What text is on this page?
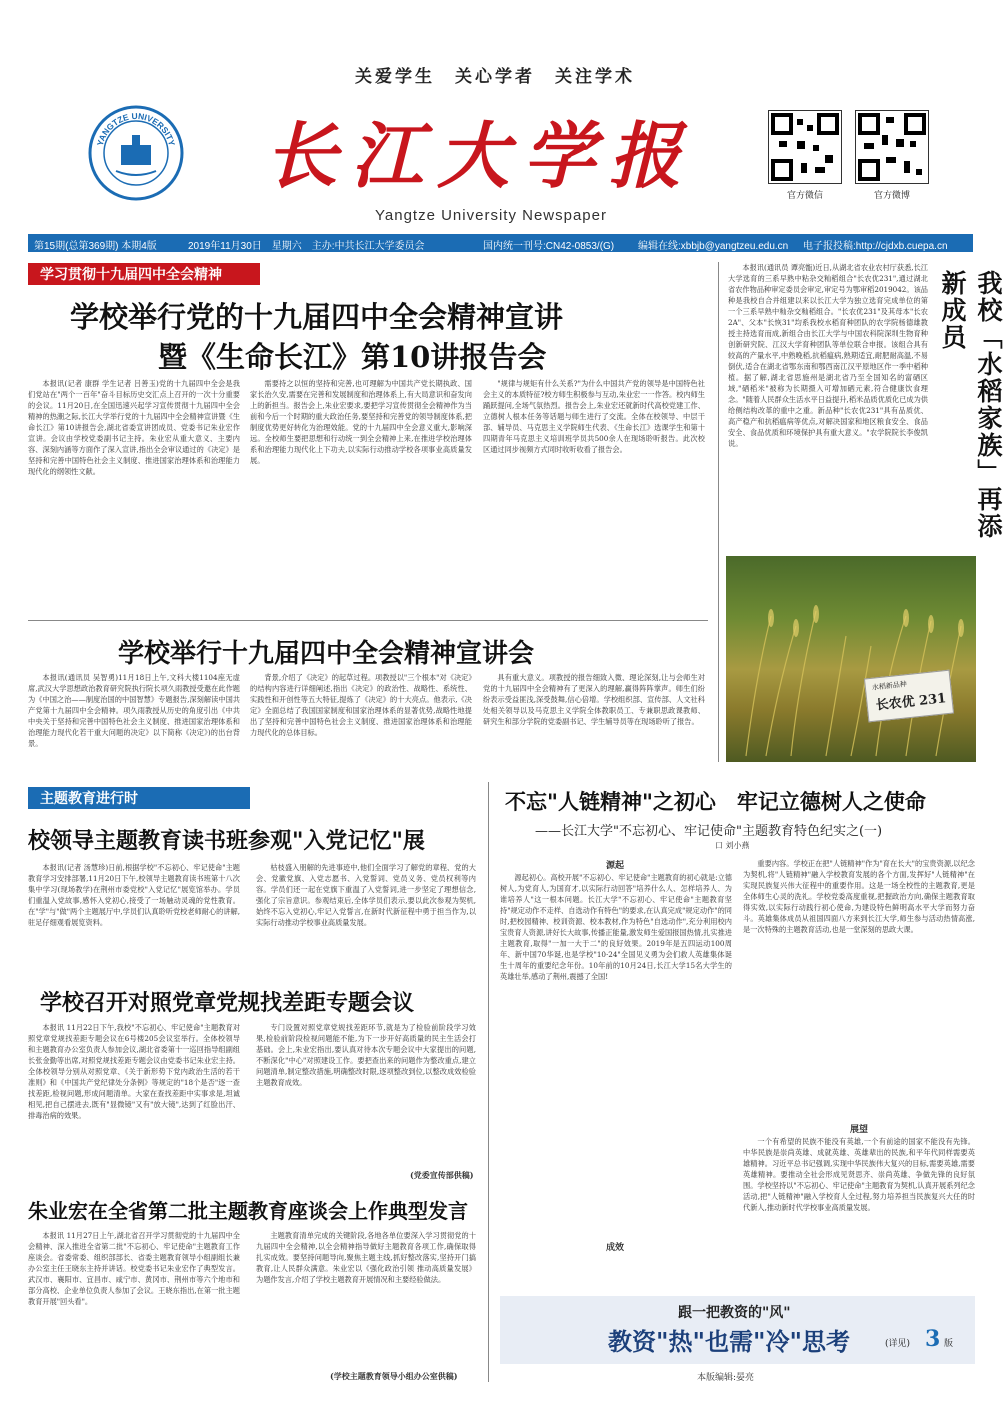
关爱学生　关心学者　关注学术
YANGTZE UNIVERSITY 长江大学报
Yangtze University Newspaper
官方微信	官方微博
第15期(总第369期) 本期4版	2019年11月30日　星期六　主办:中共长江大学委员会	国内统一刊号:CN42-0853/(G) 编辑在线:xbbjb@yangtzeu.edu.cn 电子报投稿:http://cjdxb.cuepa.cn
学习贯彻十九届四中全会精神
学校举行党的十九届四中全会精神宣讲
暨《生命长江》第10讲报告会

本报讯(记者 康群 学生记者 吕善玉)党的十九届四中全会是我们党站在"两个一百年"奋斗目标历史交汇点上召开的一次十分重要的会议。11月20日,在全国迅速兴起学习宣传贯彻十九届四中全会精神的热潮之际,长江大学举行党的十九届四中全会精神宣讲暨《生命长江》第10讲报告会,湖北省委宣讲团成员、党委书记朱业宏作宣讲。会议由学校党委副书记主持。朱业宏从重大意义、主要内容、深刻内涵等方面作了深入宣讲,指出全会审议通过的《决定》是坚持和完善中国特色社会主义制度、推进国家治理体系和治理能力现代化的纲领性文献。

需要持之以恒的坚持和完善,也可理解为中国共产党长期执政、国家长治久安,需要在完善和发展制度和治理体系上,有大局意识和奋发向上的新担当。报告会上,朱业宏要求,要把学习宣传贯彻全会精神作为当前和今后一个时期的重大政治任务,要坚持和完善党的领导制度体系,把制度优势更好转化为治理效能。党的十九届四中全会意义重大,影响深远。全校师生要把思想和行动统一到全会精神上来,在推进学校治理体系和治理能力现代化上下功夫,以实际行动推动学校各项事业高质量发展。

"规律与规矩有什么关系?"为什么中国共产党的领导是中国特色社会主义的本质特征?校方师生积极参与互动,朱业宏一一作答。校内师生踊跃提问,全场气氛热烈。报告会上,朱业宏还就新时代高校党建工作、立德树人根本任务等话题与师生进行了交流。全体在校领导、中层干部、辅导员、马克思主义学院师生代表、《生命长江》选课学生和第十四期青年马克思主义培训班学员共500余人在现场聆听报告。此次校区通过同步视频方式同时收听收看了报告会。

学校举行十九届四中全会精神宣讲会

本报讯(通讯员 吴智勇)11月18日上午,文科大楼1104座无虚席,武汉大学思想政治教育研究院执行院长项久雨教授受邀在此作题为《中国之治——制度治国的中国智慧》专题报告,深刻解读中国共产党第十九届四中全会精神。项久雨教授从历史的角度引出《中共中央关于坚持和完善中国特色社会主义制度、推进国家治理体系和治理能力现代化若干重大问题的决定》以下简称《决定》)的出台背景。

背景,介绍了《决定》的起草过程。项教授以"三个根本"对《决定》的结构内容进行详细阐述,指出《决定》的政治性、战略性、系统性、实践性和开创性等五大特征,提炼了《决定》的十大亮点。他表示,《决定》全面总结了我国国家制度和国家治理体系的显著优势,战略性地提出了坚持和完善中国特色社会主义制度、推进国家治理体系和治理能力现代化的总体目标。

具有重大意义。项教授的报告细致入微、理论深刻,让与会师生对党的十九届四中全会精神有了更深入的理解,赢得阵阵掌声。师生们纷纷表示受益匪浅,深受鼓舞,信心倍增。学校组织部、宣传部、人文社科处相关领导以及马克思主义学院全体教职员工、专兼职思政课教师、研究生和部分学院的党委副书记、学生辅导员等在现场聆听了报告。

本报讯(通讯员 谭亮甑)近日,从湖北省农业农村厅获悉,长江大学选育的三系早熟中粘杂交籼稻组合"长农优231",通过湖北省农作物品种审定委员会审定,审定号为鄂审稻2019042。该品种是我校自合并组建以来以长江大学为独立选育完成单位的第一个三系早熟中籼杂交籼稻组合。"长农优231"及其母本"长农2A"、父本"长恢31"均系我校水稻育种团队的农学院杨德雄教授主持选育而成,新组合由长江大学与中国农科院深圳生物育种创新研究院、江汉大学育种团队等单位联合申报。该组合具有较高的产量水平,中熟晚稻,抗稻瘟病,熟期适宜,耐肥耐高温,不易倒伏,适合在湖北省鄂东南和鄂西南江汉平原地区作一季中稻种植。据了解,湖北省思施州是湖北省乃至全国知名的富硒区域,"硒稻米"被称为长期摄入可增加硒元素,符合健康饮食理念。"随着人民群众生活水平日益提升,稻米品质优质化已成为供给侧结构改革的重中之重。新品种"长农优231"具有品质优、高产稳产和抗稻瘟病等优点,对解决国家和地区粮食安全、食品安全、食品优质和环境保护具有重大意义。"农学院院长李俊凯说。	我校「水稻家族」再添新成员
水稻新品种
长农优 231
主题教育进行时
校领导主题教育读书班参观"入党记忆"展

本报讯(记者 汤慧珍)日前,根据学校"不忘初心、牢记使命"主题教育学习安排部署,11月20日下午,校领导主题教育读书班第十八次集中学习(现场教学)在荆州市委党校"入党记忆"展览馆举办。学员们重温入党故事,感怀入党初心,接受了一场触动灵魂的党性教育。在"学"与"做"两个主题展厅中,学员们认真聆听党校老师耐心的讲解,驻足仔细观看展览资料。

枯枝盛入朋解的先进事迹中,他们全面学习了解党的章程、党的大会、党徽党旗、入党志愿书、入党誓词、党员义务、党员权利等内容。学员们还一起在党旗下重温了入党誓词,进一步坚定了理想信念,强化了宗旨意识。参观结束后,全体学员们表示,要以此次参观为契机,始终不忘入党初心,牢记入党誓言,在新时代新征程中勇于担当作为,以实际行动推动学校事业高质量发展。

学校召开对照党章党规找差距专题会议

本报讯 11月22日下午,我校"不忘初心、牢记使命"主题教育对照党章党规找差距专题会议在6号楼205会议室举行。全体校领导和主题教育办公室负责人参加会议,湖北省委第十一巡回指导组副组长张金勤等出席,对照党规找差距专题会议由党委书记朱业宏主持。全体校领导分别从对照党章、《关于新形势下党内政治生活的若干准则》和《中国共产党纪律处分条例》等规定的"18个是否"逐一查找差距,检视问题,形成问题清单。大家在查找差距中实事求是,坦诚相见,把自己摆进去,既有"显微镜"又有"放大镜",达到了红脸出汗、排毒治病的效果。

专门设置对照党章党规找差距环节,就是为了检验前阶段学习效果,检验前阶段检视问题能不能,为下一步开好高质量的民主生活会打基础。会上,朱业宏指出,要认真对待本次专题会议中大家提出的问题,不断深化"中心"对照建设工作。要把查出来的问题作为整改重点,建立问题清单,制定整改措施,明确整改时限,逐项整改到位,以整改成效检验主题教育成效。

(党委宣传部供稿)
朱业宏在全省第二批主题教育座谈会上作典型发言

本报讯 11月27日上午,湖北省召开学习贯彻党的十九届四中全会精神、深入推进全省第二批"不忘初心、牢记使命"主题教育工作座谈会。省委常委、组织部部长、省委主题教育领导小组副组长兼办公室主任王晓东主持并讲话。校党委书记朱业宏作了典型发言。武汉市、襄阳市、宜昌市、咸宁市、黄冈市、荆州市等六个地市和部分高校、企业单位负责人参加了会议。王晓东指出,在第一批主题教育开展"回头看"。

主题教育清单完成的关键阶段,各地各单位要深入学习贯彻党的十九届四中全会精神,以全会精神指导做好主题教育各项工作,确保取得扎实成效。要坚持问题导向,聚焦主题主线,抓好整改落实,坚持开门搞教育,让人民群众满意。朱业宏以《强化政治引领 推动高质量发展》为题作发言,介绍了学校主题教育开展情况和主要经验做法。

(学校主题教育领导小组办公室供稿)
不忘"人链精神"之初心　牢记立德树人之使命
——长江大学"不忘初心、牢记使命"主题教育特色纪实之(一)
口 刘小燕
源起

源起初心。高校开展"不忘初心、牢记使命"主题教育的初心就是:立德树人,为党育人,为国育才,以实际行动回答"培养什么人、怎样培养人、为谁培养人"这一根本问题。长江大学"不忘初心、牢记使命"主题教育坚持"规定动作不走样、自选动作有特色"的要求,在认真完成"规定动作"的同时,把校园精神、校训资源、校本教材,作为特色"自选动作",充分利用校内宝贵育人资源,讲好长大故事,传播正能量,激发师生爱国报国热情,扎实推进主题教育,取得"一加一大于二"的良好效果。2019年是五四运动100周年、新中国70华诞,也是学校"10·24"全国见义勇为会们救人英雄集体诞生十周年的重要纪念年份。10年前的10月24日,长江大学15名大学生的英雄壮举,感动了荆州,震撼了全国!

成效

重要内容。学校正在把"人链精神"作为"育在长大"的宝贵资源,以纪念为契机,将"人链精神"融入学校教育发展的各个方面,发挥好"人链精神"在实现民族复兴伟大征程中的重要作用。这是一场全校性的主题教育,更是全体师生心灵的洗礼。学校党委高度重视,把握政治方向,确保主题教育取得实效,以实际行动践行初心使命,为建设特色鲜明高水平大学而努力奋斗。英雄集体成员从祖国四面八方来到长江大学,师生参与活动热情高涨,是一次特殊的主题教育活动,也是一堂深刻的思政大课。

展望

一个有希望的民族不能没有英雄,一个有前途的国家不能没有先锋。中华民族是崇尚英雄、成就英雄、英雄辈出的民族,和平年代同样需要英雄精神。习近平总书记强调,实现中华民族伟大复兴的目标,需要英雄,需要英雄精神。要推动全社会形成见贤思齐、崇尚英雄、争做先锋的良好氛围。学校坚持以"不忘初心、牢记使命"主题教育为契机,认真开展系列纪念活动,把"人链精神"融入学校育人全过程,努力培养担当民族复兴大任的时代新人,推动新时代学校事业高质量发展。

跟一把教资的"风"
教资"热"也需"冷"思考	(详见) 3 版
本版编辑:晏亮
